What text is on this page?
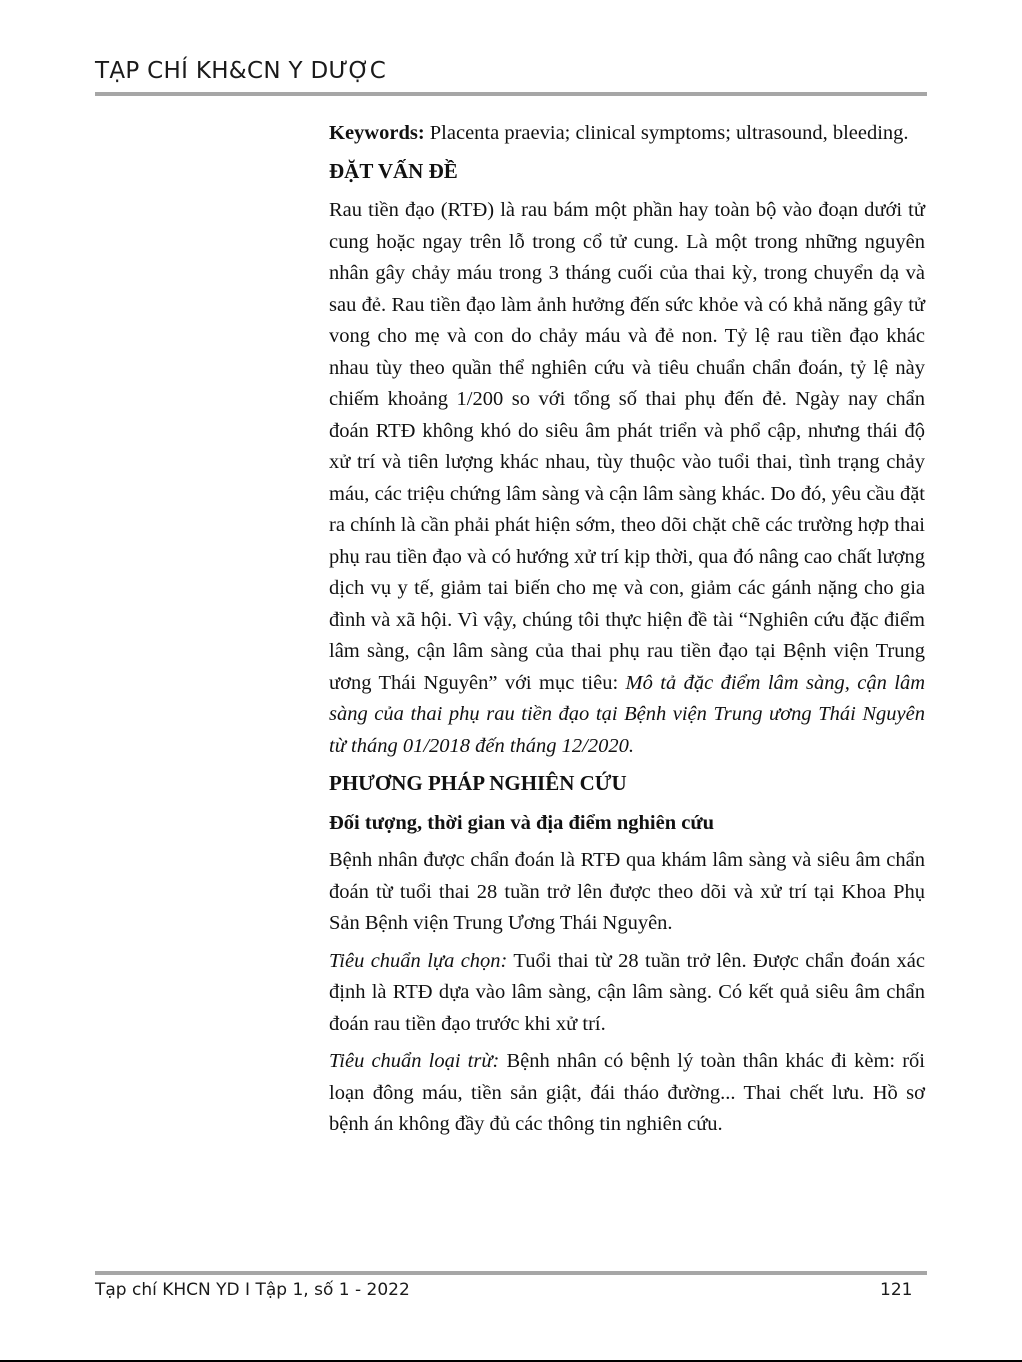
TẠP CHÍ KH&CN Y DƯỢC

Keywords: Placenta praevia; clinical symptoms; ultrasound, bleeding.

ĐẶT VẤN ĐỀ

Rau tiền đạo (RTĐ) là rau bám một phần hay toàn bộ vào đoạn dưới tử cung hoặc ngay trên lỗ trong cổ tử cung. Là một trong những nguyên nhân gây chảy máu trong 3 tháng cuối của thai kỳ, trong chuyển dạ và sau đẻ. Rau tiền đạo làm ảnh hưởng đến sức khỏe và có khả năng gây tử vong cho mẹ và con do chảy máu và đẻ non. Tỷ lệ rau tiền đạo khác nhau tùy theo quần thể nghiên cứu và tiêu chuẩn chẩn đoán, tỷ lệ này chiếm khoảng 1/200 so với tổng số thai phụ đến đẻ. Ngày nay chẩn đoán RTĐ không khó do siêu âm phát triển và phổ cập, nhưng thái độ xử trí và tiên lượng khác nhau, tùy thuộc vào tuổi thai, tình trạng chảy máu, các triệu chứng lâm sàng và cận lâm sàng khác. Do đó, yêu cầu đặt ra chính là cần phải phát hiện sớm, theo dõi chặt chẽ các trường hợp thai phụ rau tiền đạo và có hướng xử trí kịp thời, qua đó nâng cao chất lượng dịch vụ y tế, giảm tai biến cho mẹ và con, giảm các gánh nặng cho gia đình và xã hội. Vì vậy, chúng tôi thực hiện đề tài “Nghiên cứu đặc điểm lâm sàng, cận lâm sàng của thai phụ rau tiền đạo tại Bệnh viện Trung ương Thái Nguyên” với mục tiêu: Mô tả đặc điểm lâm sàng, cận lâm sàng của thai phụ rau tiền đạo tại Bệnh viện Trung ương Thái Nguyên từ tháng 01/2018 đến tháng 12/2020.

PHƯƠNG PHÁP NGHIÊN CỨU

Đối tượng, thời gian và địa điểm nghiên cứu

Bệnh nhân được chẩn đoán là RTĐ qua khám lâm sàng và siêu âm chẩn đoán từ tuổi thai 28 tuần trở lên được theo dõi và xử trí tại Khoa Phụ Sản Bệnh viện Trung Ương Thái Nguyên.

Tiêu chuẩn lựa chọn: Tuổi thai từ 28 tuần trở lên. Được chẩn đoán xác định là RTĐ dựa vào lâm sàng, cận lâm sàng. Có kết quả siêu âm chẩn đoán rau tiền đạo trước khi xử trí.

Tiêu chuẩn loại trừ: Bệnh nhân có bệnh lý toàn thân khác đi kèm: rối loạn đông máu, tiền sản giật, đái tháo đường... Thai chết lưu. Hồ sơ bệnh án không đầy đủ các thông tin nghiên cứu.

Tạp chí KHCN YD I Tập 1, số 1 - 2022	121
